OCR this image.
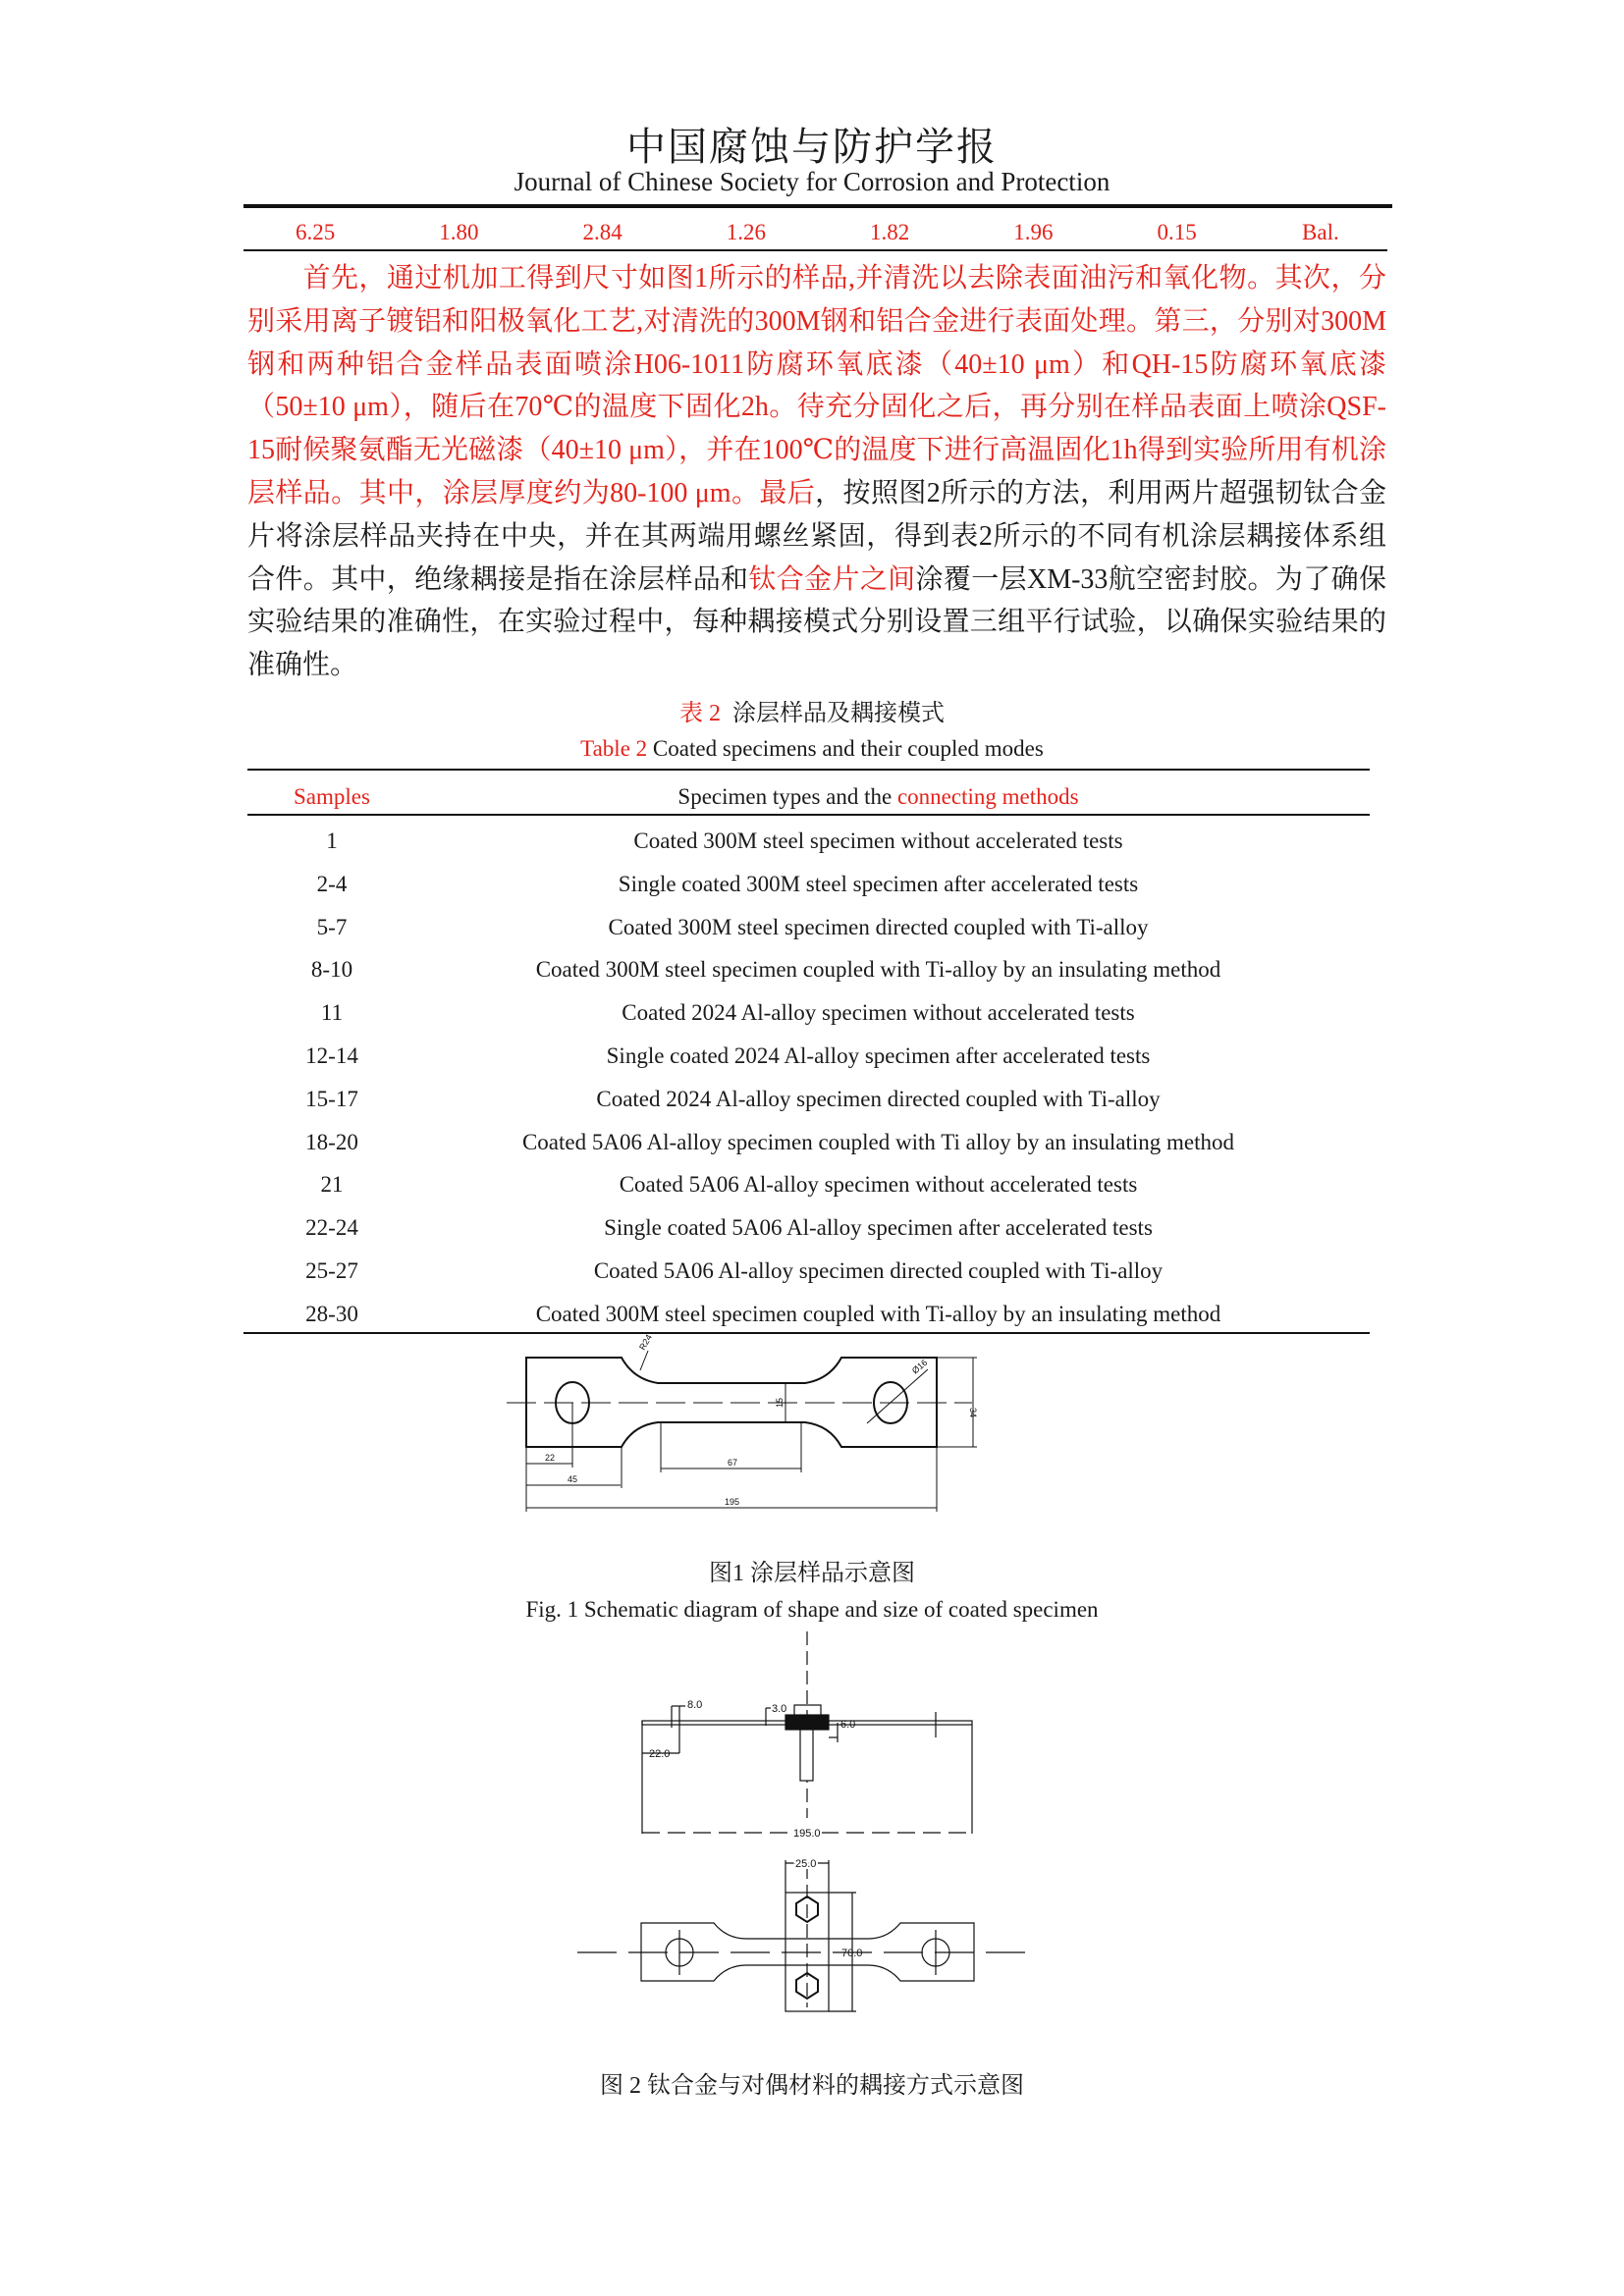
中国腐蚀与防护学报
Journal of Chinese Society for Corrosion and Protection
6.25	1.80	2.84	1.26	1.82	1.96	0.15	Bal.
首先，通过机加工得到尺寸如图1所示的样品,并清洗以去除表面油污和氧化物。其次，分别采用离子镀铝和阳极氧化工艺,对清洗的300M钢和铝合金进行表面处理。第三，分别对300M钢和两种铝合金样品表面喷涂H06-1011防腐环氧底漆（40±10 μm）和QH-15防腐环氧底漆（50±10 μm），随后在70℃的温度下固化2h。待充分固化之后，再分别在样品表面上喷涂QSF-15耐候聚氨酯无光磁漆（40±10 μm），并在100℃的温度下进行高温固化1h得到实验所用有机涂层样品。其中，涂层厚度约为80-100 μm。最后，按照图2所示的方法，利用两片超强韧钛合金片将涂层样品夹持在中央，并在其两端用螺丝紧固，得到表2所示的不同有机涂层耦接体系组合件。其中，绝缘耦接是指在涂层样品和钛合金片之间涂覆一层XM-33航空密封胶。为了确保实验结果的准确性，在实验过程中，每种耦接模式分别设置三组平行试验，以确保实验结果的准确性。
表 2 涂层样品及耦接模式
Table 2 Coated specimens and their coupled modes
Samples	Specimen types and the connecting methods
1	Coated 300M steel specimen without accelerated tests
2-4	Single coated 300M steel specimen after accelerated tests
5-7	Coated 300M steel specimen directed coupled with Ti-alloy
8-10	Coated 300M steel specimen coupled with Ti-alloy by an insulating method
11	Coated 2024 Al-alloy specimen without accelerated tests
12-14	Single coated 2024 Al-alloy specimen after accelerated tests
15-17	Coated 2024 Al-alloy specimen directed coupled with Ti-alloy
18-20	Coated 5A06 Al-alloy specimen coupled with Ti alloy by an insulating method
21	Coated 5A06 Al-alloy specimen without accelerated tests
22-24	Single coated 5A06 Al-alloy specimen after accelerated tests
25-27	Coated 5A06 Al-alloy specimen directed coupled with Ti-alloy
28-30	Coated 300M steel specimen coupled with Ti-alloy by an insulating method
R24
Ø16
15
34
22
45
67
195
8.0	3.0
6.0
22.0
195.0
25.0
70.0
图1 涂层样品示意图
Fig. 1 Schematic diagram of shape and size of coated specimen
图 2 钛合金与对偶材料的耦接方式示意图
